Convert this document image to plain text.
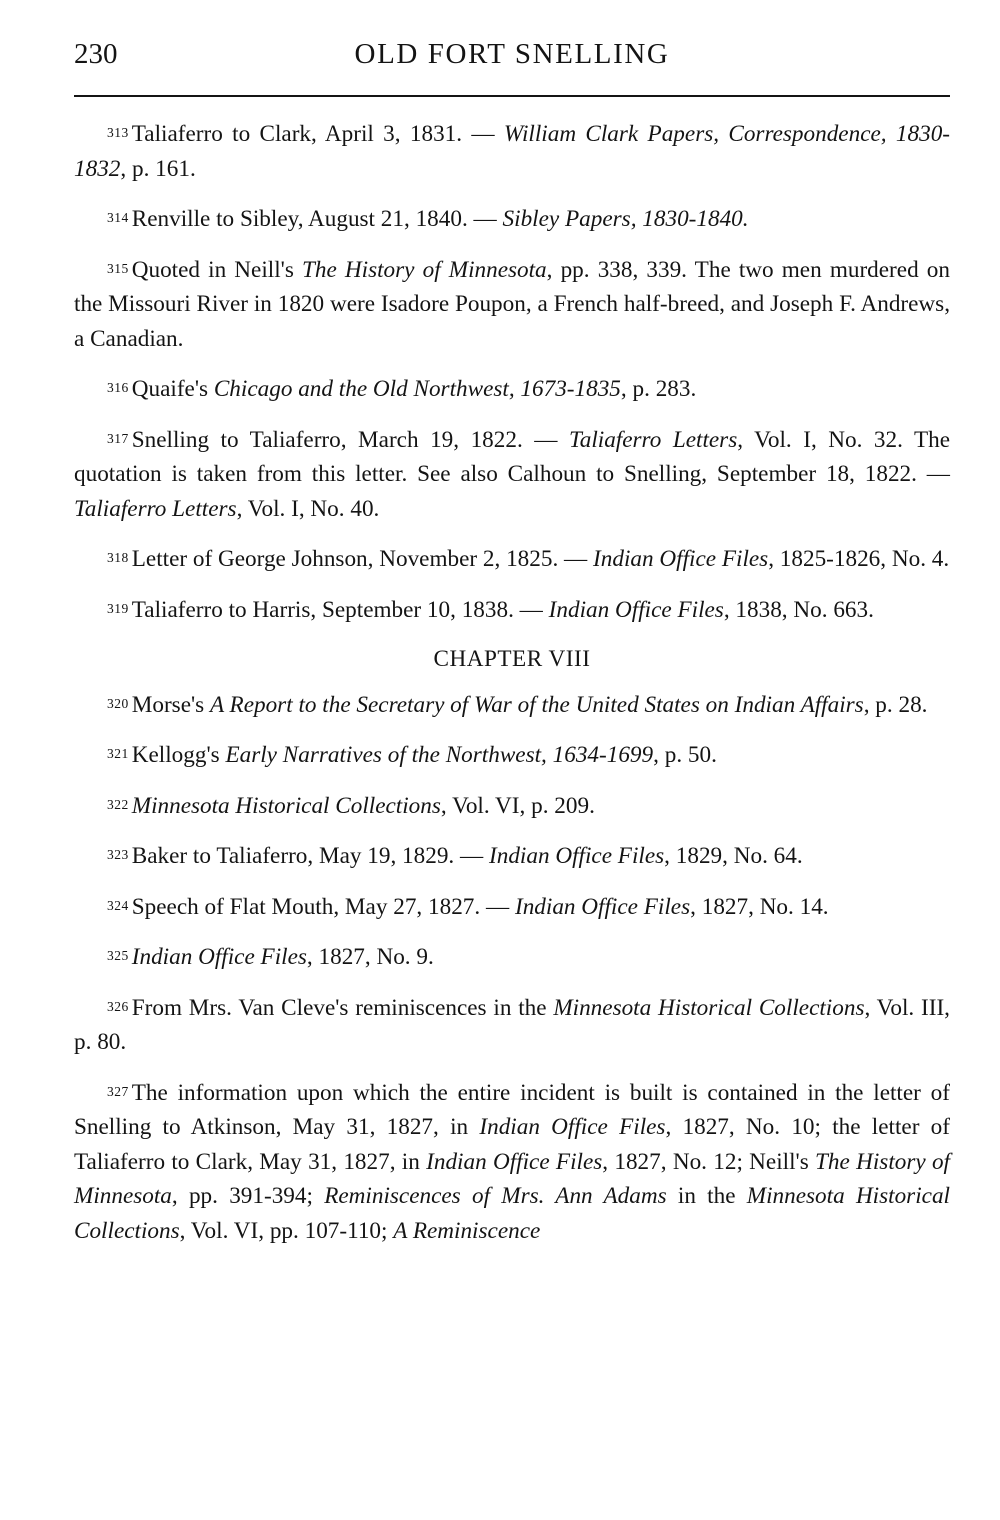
230	OLD FORT SNELLING

313 Taliaferro to Clark, April 3, 1831. — William Clark Papers, Correspondence, 1830-1832, p. 161.

314 Renville to Sibley, August 21, 1840. — Sibley Papers, 1830-1840.

315 Quoted in Neill's The History of Minnesota, pp. 338, 339. The two men murdered on the Missouri River in 1820 were Isadore Poupon, a French half-breed, and Joseph F. Andrews, a Canadian.

316 Quaife's Chicago and the Old Northwest, 1673-1835, p. 283.

317 Snelling to Taliaferro, March 19, 1822. — Taliaferro Letters, Vol. I, No. 32. The quotation is taken from this letter. See also Calhoun to Snelling, September 18, 1822. — Taliaferro Letters, Vol. I, No. 40.

318 Letter of George Johnson, November 2, 1825. — Indian Office Files, 1825-1826, No. 4.

319 Taliaferro to Harris, September 10, 1838. — Indian Office Files, 1838, No. 663.

CHAPTER VIII

320 Morse's A Report to the Secretary of War of the United States on Indian Affairs, p. 28.

321 Kellogg's Early Narratives of the Northwest, 1634-1699, p. 50.

322 Minnesota Historical Collections, Vol. VI, p. 209.

323 Baker to Taliaferro, May 19, 1829. — Indian Office Files, 1829, No. 64.

324 Speech of Flat Mouth, May 27, 1827. — Indian Office Files, 1827, No. 14.

325 Indian Office Files, 1827, No. 9.

326 From Mrs. Van Cleve's reminiscences in the Minnesota Historical Collections, Vol. III, p. 80.

327 The information upon which the entire incident is built is contained in the letter of Snelling to Atkinson, May 31, 1827, in Indian Office Files, 1827, No. 10; the letter of Taliaferro to Clark, May 31, 1827, in Indian Office Files, 1827, No. 12; Neill's The History of Minnesota, pp. 391-394; Reminiscences of Mrs. Ann Adams in the Minnesota Historical Collections, Vol. VI, pp. 107-110; A Reminiscence
